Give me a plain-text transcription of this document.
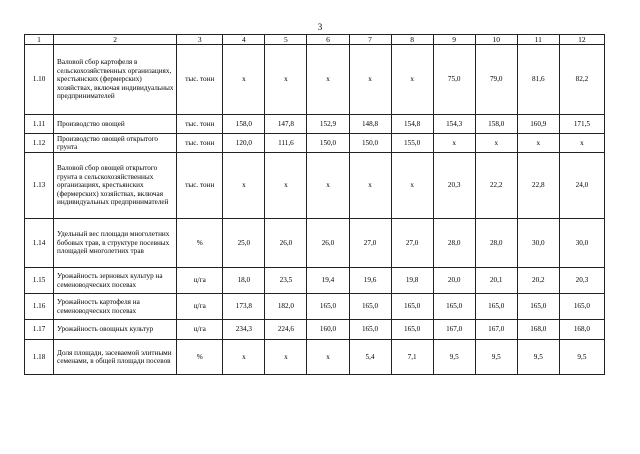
3
1	2	3	4	5	6	7	8	9	10	11	12
1.10	Валовой сбор картофеля в сельскохозяйственных организациях, крестьянских (фермерских) хозяйствах, включая индивидуальных предпринимателей	тыс. тонн	x	x	x	x	x	75,0	79,0	81,6	82,2
1.11	Производство овощей	тыс. тонн	158,0	147,8	152,9	148,8	154,8	154,3	158,0	160,9	171,5
1.12	Производство овощей открытого грунта	тыс. тонн	120,0	111,6	150,0	150,0	155,0	x	x	x	x
1.13	Валовой сбор овощей открытого грунта в сельскохозяйственных организациях, крестьянских (фермерских) хозяйствах, включая индивидуальных предпринимателей	тыс. тонн	x	x	x	x	x	20,3	22,2	22,8	24,0
1.14	Удельный вес площади многолетних бобовых трав, в структуре посевных площадей многолетних трав	%	25,0	26,0	26,0	27,0	27,0	28,0	28,0	30,0	30,0
1.15	Урожайность зерновых культур на семеноводческих посевах	ц/га	18,0	23,5	19,4	19,6	19,8	20,0	20,1	20,2	20,3
1.16	Урожайность картофеля на семеноводческих посевах	ц/га	173,8	182,0	165,0	165,0	165,0	165,0	165,0	165,0	165,0
1.17	Урожайность овощных культур	ц/га	234,3	224,6	160,0	165,0	165,0	167,0	167,0	168,0	168,0
1.18	Доля площади, засеваемой элитными семенами, в общей площади посевов	%	x	x	x	5,4	7,1	9,5	9,5	9,5	9,5
